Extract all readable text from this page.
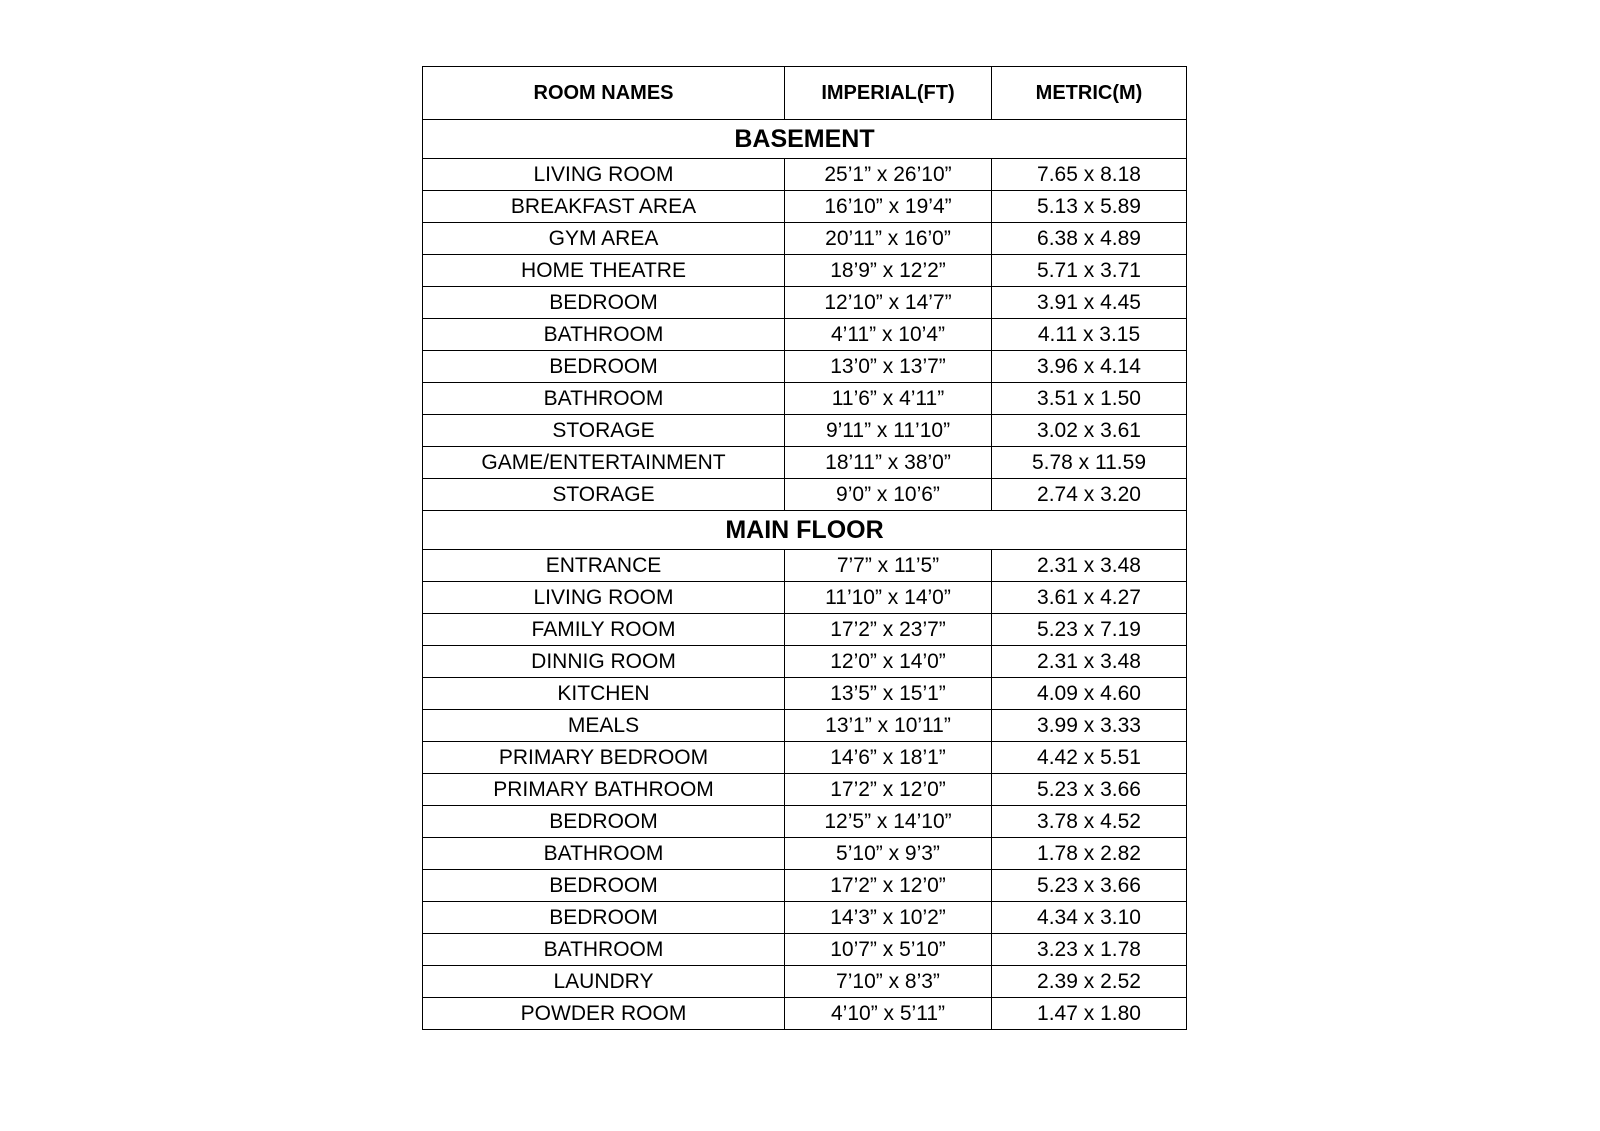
ROOM NAMES	IMPERIAL(FT)	METRIC(M)
BASEMENT		
LIVING ROOM	25’1” x 26’10”	7.65 x 8.18
BREAKFAST AREA	16’10” x 19’4”	5.13 x 5.89
GYM AREA	20’11” x 16’0”	6.38 x 4.89
HOME THEATRE	18’9” x 12’2”	5.71 x 3.71
BEDROOM	12’10” x 14’7”	3.91 x 4.45
BATHROOM	4’11” x 10’4”	4.11 x 3.15
BEDROOM	13’0” x 13’7”	3.96 x 4.14
BATHROOM	11’6” x 4’11”	3.51 x 1.50
STORAGE	9’11” x 11’10”	3.02 x 3.61
GAME/ENTERTAINMENT	18’11” x 38’0”	5.78 x 11.59
STORAGE	9’0” x 10’6”	2.74 x 3.20
MAIN FLOOR		
ENTRANCE	7’7” x 11’5”	2.31 x 3.48
LIVING ROOM	11’10” x 14’0”	3.61 x 4.27
FAMILY ROOM	17’2” x 23’7”	5.23 x 7.19
DINNIG ROOM	12’0” x 14’0”	2.31 x 3.48
KITCHEN	13’5” x 15’1”	4.09 x 4.60
MEALS	13’1” x 10’11”	3.99 x 3.33
PRIMARY BEDROOM	14’6” x 18’1”	4.42 x 5.51
PRIMARY BATHROOM	17’2” x 12’0”	5.23 x 3.66
BEDROOM	12’5” x 14’10”	3.78 x 4.52
BATHROOM	5’10” x 9’3”	1.78 x 2.82
BEDROOM	17’2” x 12’0”	5.23 x 3.66
BEDROOM	14’3” x 10’2”	4.34 x 3.10
BATHROOM	10’7” x 5’10”	3.23 x 1.78
LAUNDRY	7’10” x 8’3”	2.39 x 2.52
POWDER ROOM	4’10” x 5’11”	1.47 x 1.80
